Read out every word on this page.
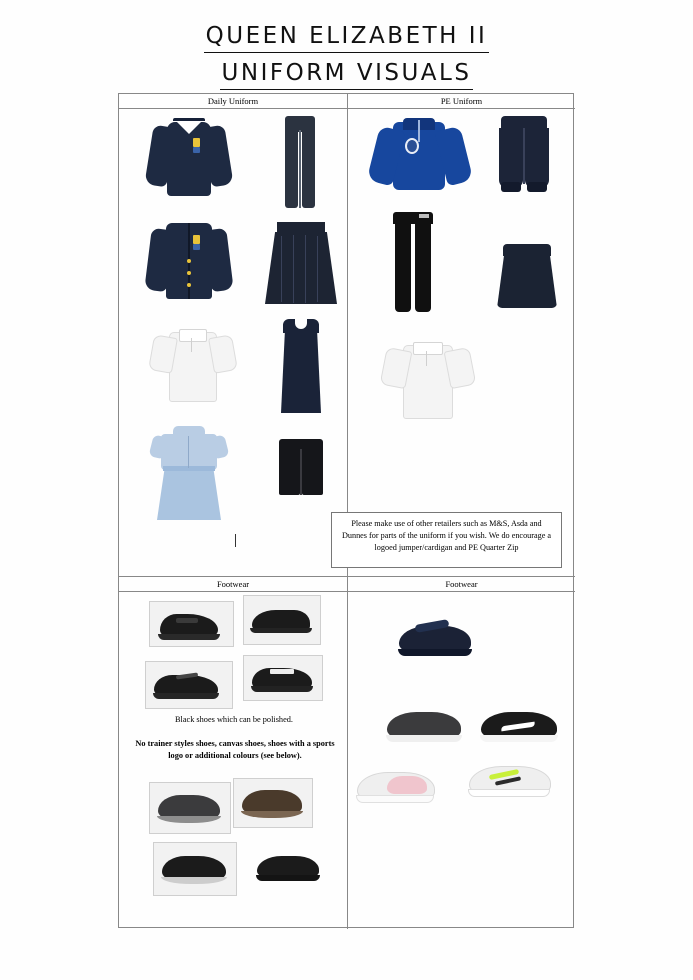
QUEEN ELIZABETH II
UNIFORM VISUALS
Daily Uniform	PE Uniform
Footwear	Footwear
Please make use of other retailers such as M&S, Asda and Dunnes for parts of the uniform if you wish. We do encourage a logoed jumper/cardigan and PE Quarter Zip
Black shoes which can be polished.
No trainer styles shoes, canvas shoes, shoes with a sports logo or additional colours (see below).
